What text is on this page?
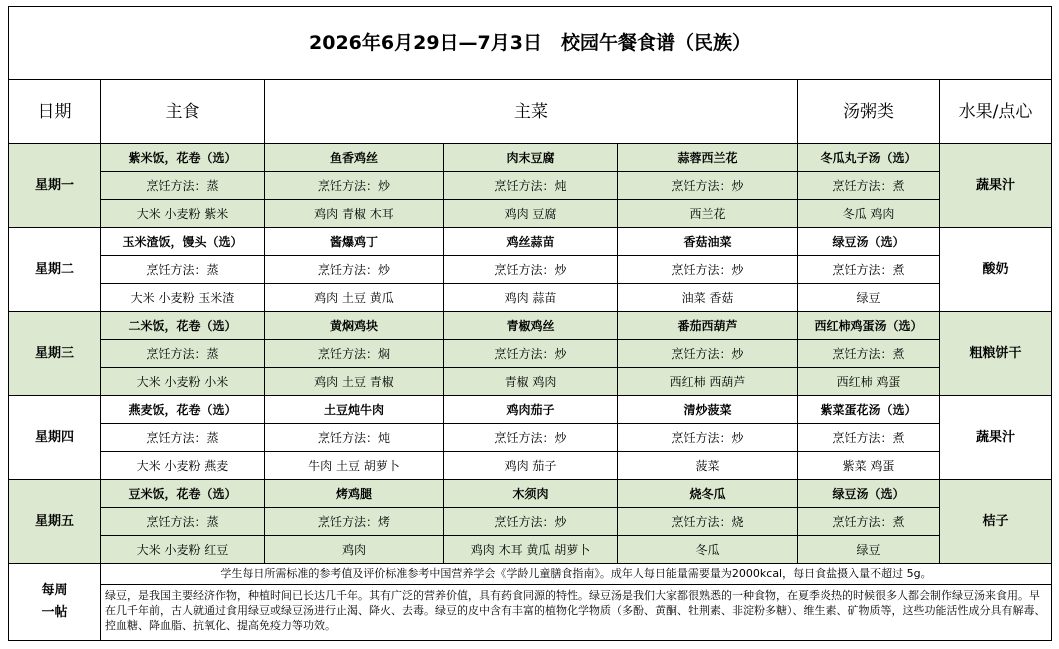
2026年6月29日—7月3日　校园午餐食谱（民族）						
日期	主食	主菜			汤粥类	水果/点心
星期一	紫米饭，花卷（选）	鱼香鸡丝	肉末豆腐	蒜蓉西兰花	冬瓜丸子汤（选）	蔬果汁
	烹饪方法：蒸	烹饪方法：炒	烹饪方法：炖	烹饪方法：炒	烹饪方法：煮	
	大米 小麦粉 紫米	鸡肉 青椒 木耳	鸡肉 豆腐	西兰花	冬瓜 鸡肉	
星期二	玉米渣饭，馒头（选）	酱爆鸡丁	鸡丝蒜苗	香菇油菜	绿豆汤（选）	酸奶
	烹饪方法：蒸	烹饪方法：炒	烹饪方法：炒	烹饪方法：炒	烹饪方法：煮	
	大米 小麦粉 玉米渣	鸡肉 土豆 黄瓜	鸡肉 蒜苗	油菜 香菇	绿豆	
星期三	二米饭，花卷（选）	黄焖鸡块	青椒鸡丝	番茄西葫芦	西红柿鸡蛋汤（选）	粗粮饼干
	烹饪方法：蒸	烹饪方法：焖	烹饪方法：炒	烹饪方法：炒	烹饪方法：煮	
	大米 小麦粉 小米	鸡肉 土豆 青椒	青椒 鸡肉	西红柿 西葫芦	西红柿 鸡蛋	
星期四	燕麦饭，花卷（选）	土豆炖牛肉	鸡肉茄子	清炒菠菜	紫菜蛋花汤（选）	蔬果汁
	烹饪方法：蒸	烹饪方法：炖	烹饪方法：炒	烹饪方法：炒	烹饪方法：煮	
	大米 小麦粉 燕麦	牛肉 土豆 胡萝卜	鸡肉 茄子	菠菜	紫菜 鸡蛋	
星期五	豆米饭，花卷（选）	烤鸡腿	木须肉	烧冬瓜	绿豆汤（选）	桔子
	烹饪方法：蒸	烹饪方法：烤	烹饪方法：炒	烹饪方法：烧	烹饪方法：煮	
	大米 小麦粉 红豆	鸡肉	鸡肉 木耳 黄瓜 胡萝卜	冬瓜	绿豆	
每周
一帖	学生每日所需标准的参考值及评价标准参考中国营养学会《学龄儿童膳食指南》。成年人每日能量需要量为2000kcal，每日食盐摄入量不超过 5g。					
	绿豆，是我国主要经济作物，种植时间已长达几千年。其有广泛的营养价值，具有药食同源的特性。绿豆汤是我们大家都很熟悉的一种食物，在夏季炎热的时候很多人都会制作绿豆汤来食用。早在几千年前，古人就通过食用绿豆或绿豆汤进行止渴、降火、去毒。绿豆的皮中含有丰富的植物化学物质（多酚、黄酮、牡荆素、非淀粉多糖）、维生素、矿物质等，这些功能活性成分具有解毒、控血糖、降血脂、抗氧化、提高免疫力等功效。					
